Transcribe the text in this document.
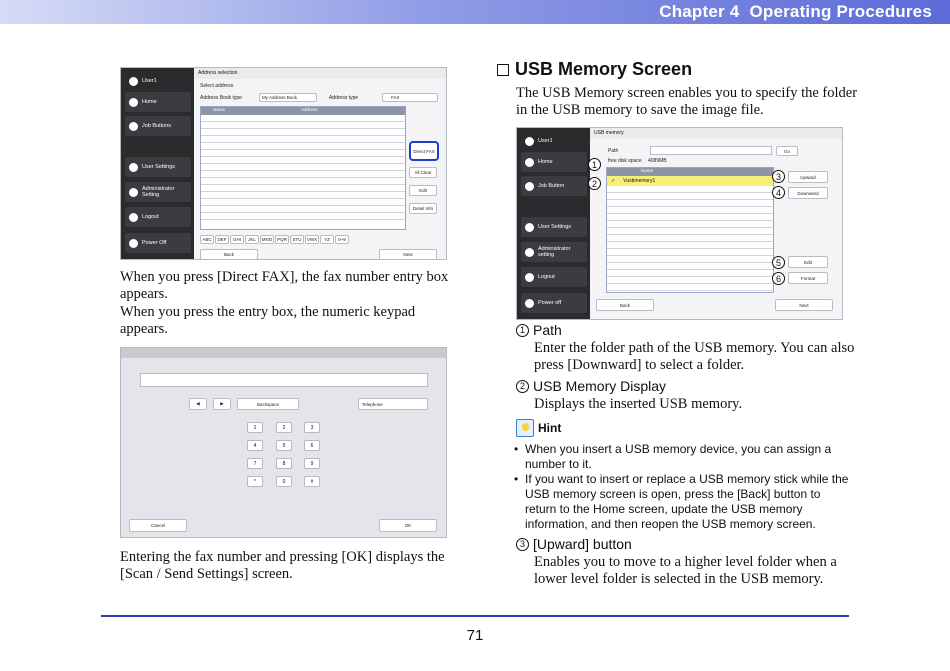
Chapter 4 Operating Procedures
User1
Home
Job Buttons
User Settings
Administrator Setting
Logout
Power Off
Address selection
Select address.
Address Book type	My Address Book	Address type	FAX
Name	Address
Direct FAX
All Clear
Edit
Detail Info
ABC	DEF	GHI	JKL	MNO	PQR	STU	VWX	YZ	0~9
Back	Next
When you press [Direct FAX], the fax number entry box
appears.
When you press the entry box, the numeric keypad
appears.
◀	▶	Backspace	Telephone
1	2	3
4	5	6
7	8	9
*	0	#
Cancel	OK
Entering the fax number and pressing [OK] displays the
[Scan / Send Settings] screen.
USB Memory Screen
The USB Memory screen enables you to specify the folder
in the USB memory to save the image file.
User1
Home
Job Button
User Settings
Administrator setting
Logout
Power off
USB memory
Path	Go
free disk space 4089MB
Name
✓ Vusbmemory1
Upward
Downward
Edit
Format
Back	Next
1
2
3
4
5
6
1 Path
Enter the folder path of the USB memory. You can also
press [Downward] to select a folder.
2 USB Memory Display
Displays the inserted USB memory.
Hint
• When you insert a USB memory device, you can assign a number to it.
• If you want to insert or replace a USB memory stick while the USB memory screen is open, press the [Back] button to return to the Home screen, update the USB memory information, and then reopen the USB memory screen.
3 [Upward] button
Enables you to move to a higher level folder when a
lower level folder is selected in the USB memory.
71
